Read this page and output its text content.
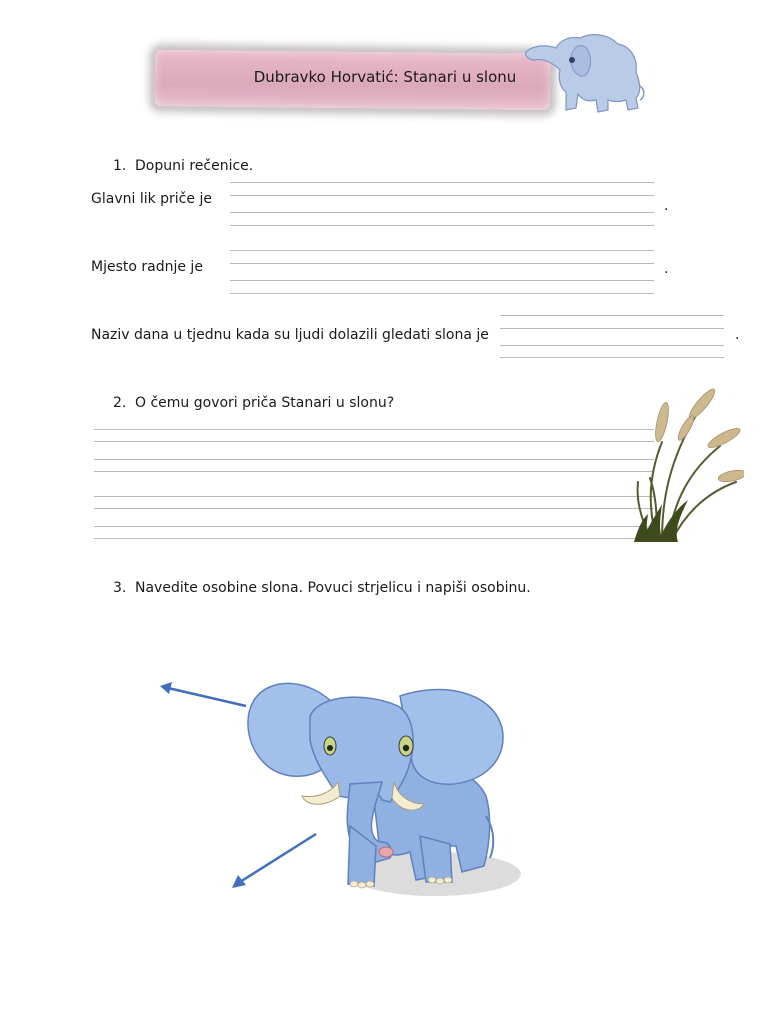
Dubravko Horvatić: Stanari u slonu
1. Dopuni rečenice.
Glavni lik priče je	.
Mjesto radnje je	.
Naziv dana u tjednu kada su ljudi dolazili gledati slona je	.
2. O čemu govori priča Stanari u slonu?
3. Navedite osobine slona. Povuci strjelicu i napiši osobinu.
